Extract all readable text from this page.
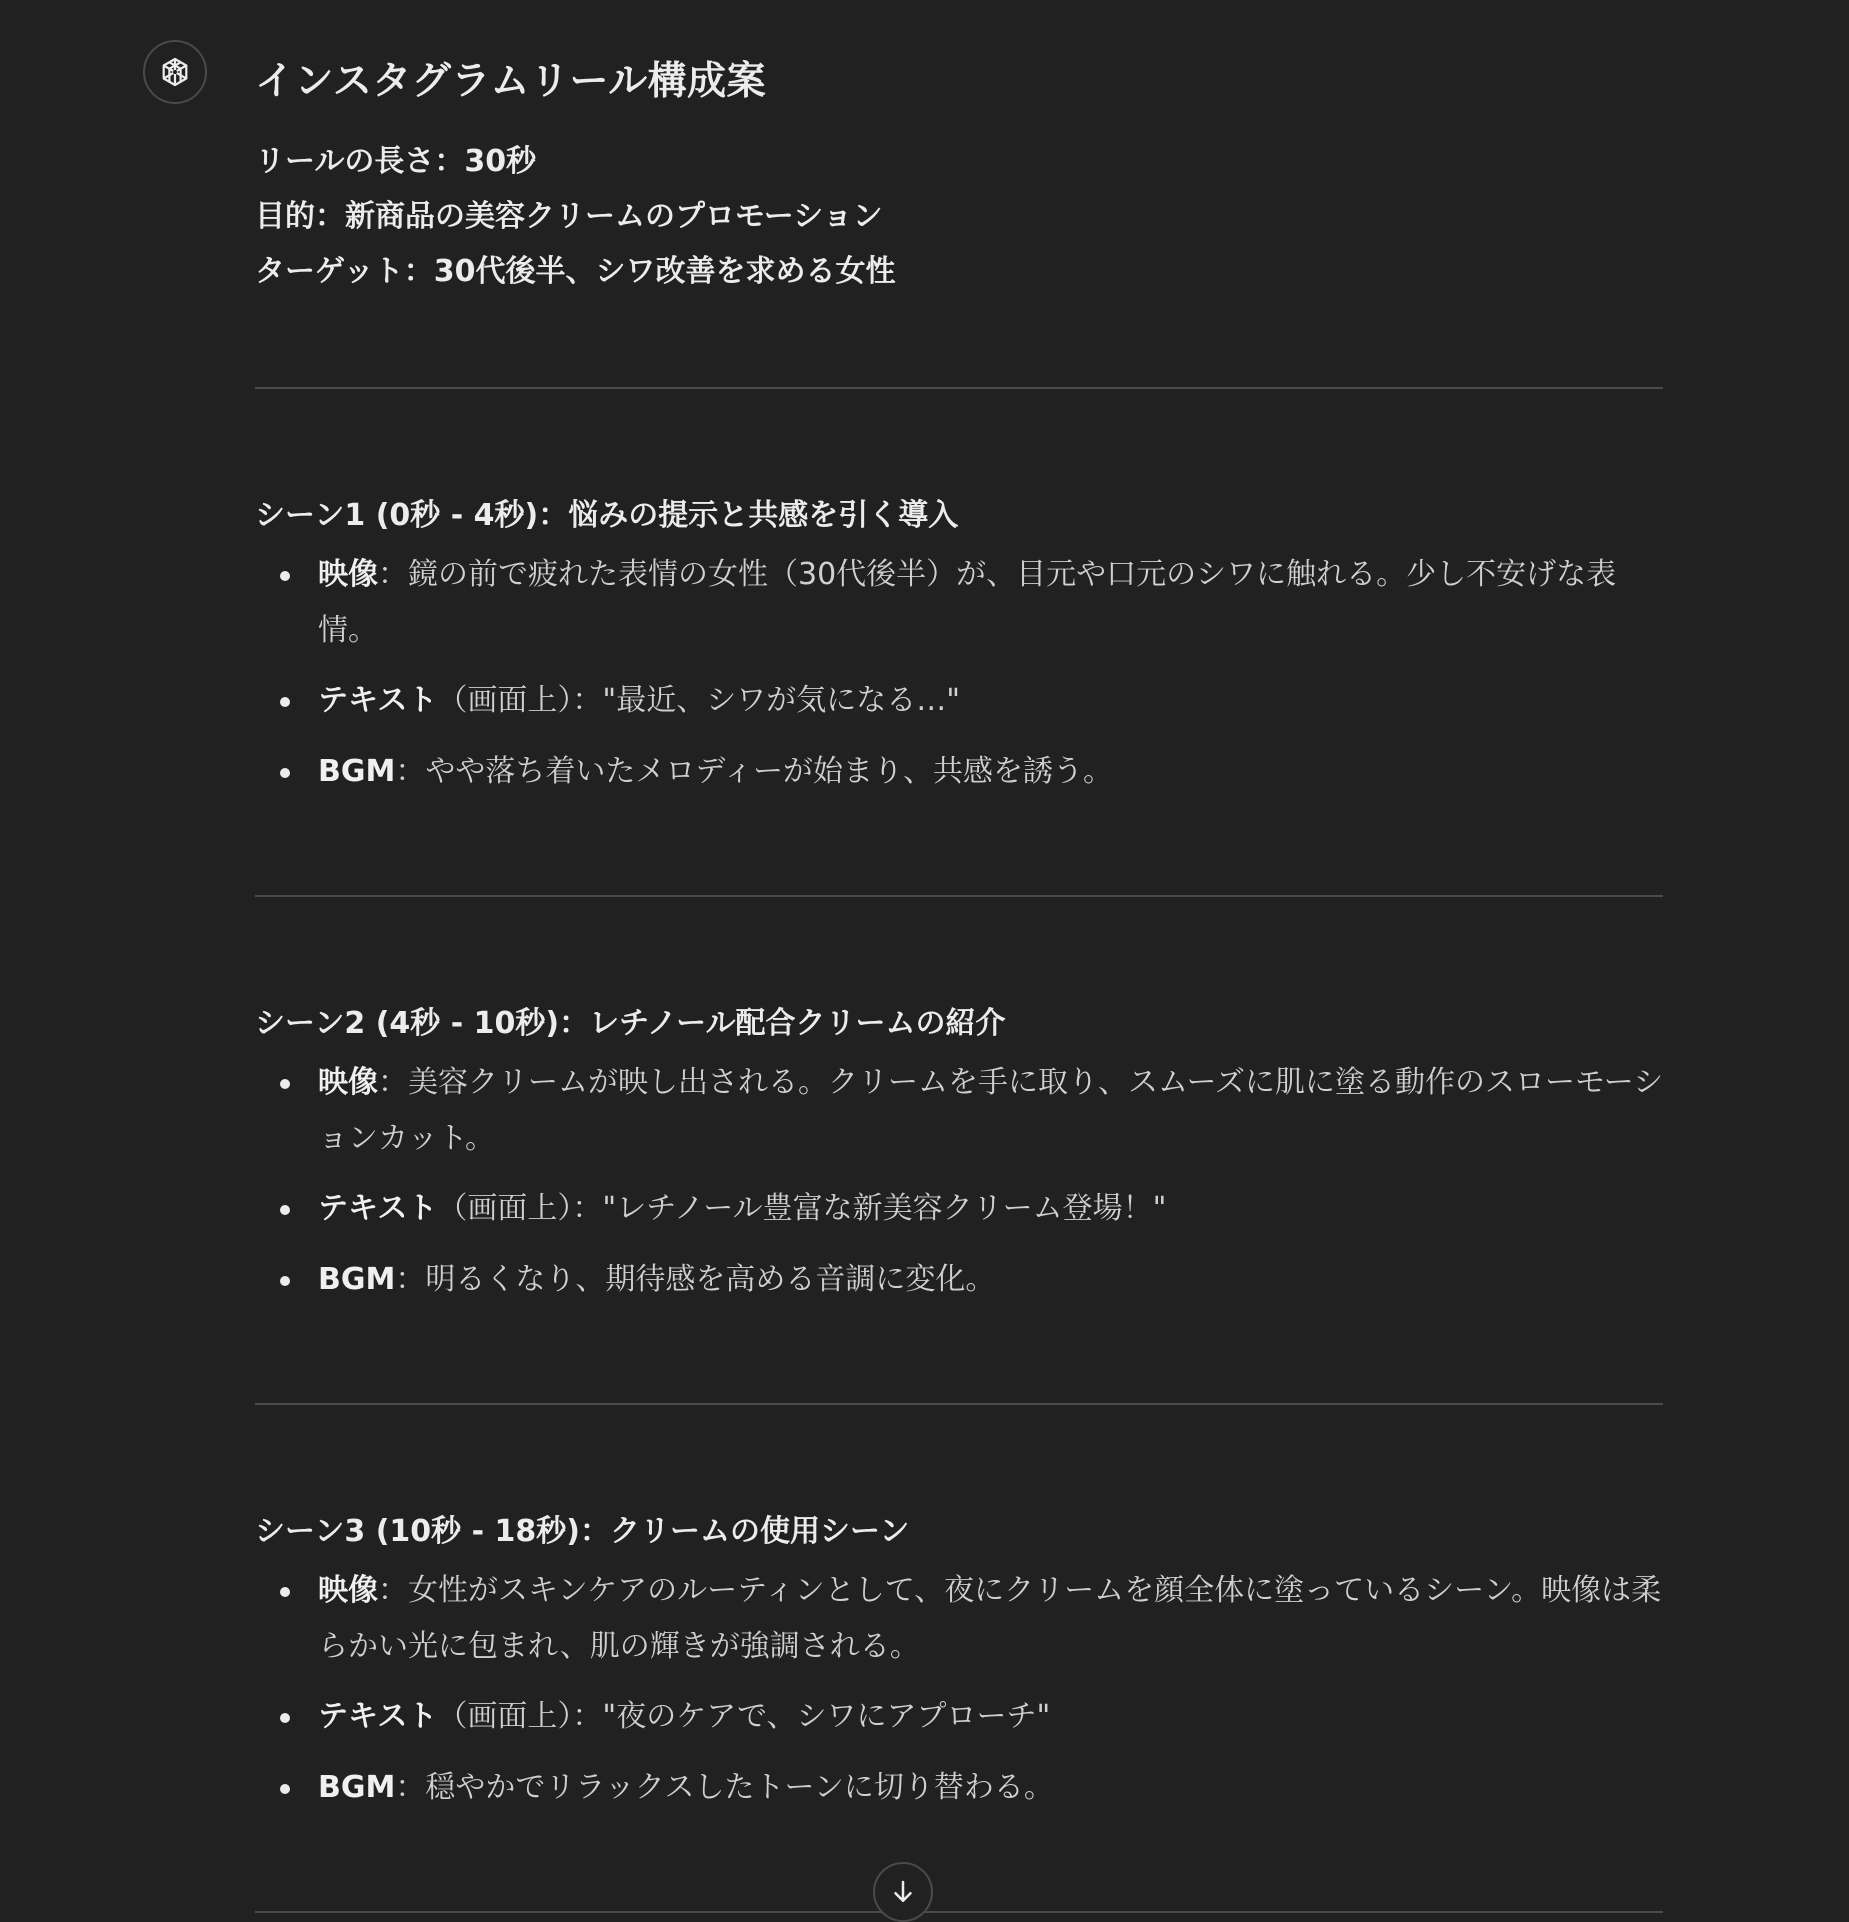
インスタグラムリール構成案
リールの長さ：30秒
目的：新商品の美容クリームのプロモーション
ターゲット：30代後半、シワ改善を求める女性
シーン1 (0秒 - 4秒)：悩みの提示と共感を引く導入
映像：鏡の前で疲れた表情の女性（30代後半）が、目元や口元のシワに触れる。少し不安げな表情。
テキスト（画面上）："最近、シワが気になる…"
BGM：やや落ち着いたメロディーが始まり、共感を誘う。
シーン2 (4秒 - 10秒)：レチノール配合クリームの紹介
映像：美容クリームが映し出される。クリームを手に取り、スムーズに肌に塗る動作のスローモーションカット。
テキスト（画面上）："レチノール豊富な新美容クリーム登場！"
BGM：明るくなり、期待感を高める音調に変化。
シーン3 (10秒 - 18秒)：クリームの使用シーン
映像：女性がスキンケアのルーティンとして、夜にクリームを顔全体に塗っているシーン。映像は柔らかい光に包まれ、肌の輝きが強調される。
テキスト（画面上）："夜のケアで、シワにアプローチ"
BGM：穏やかでリラックスしたトーンに切り替わる。
